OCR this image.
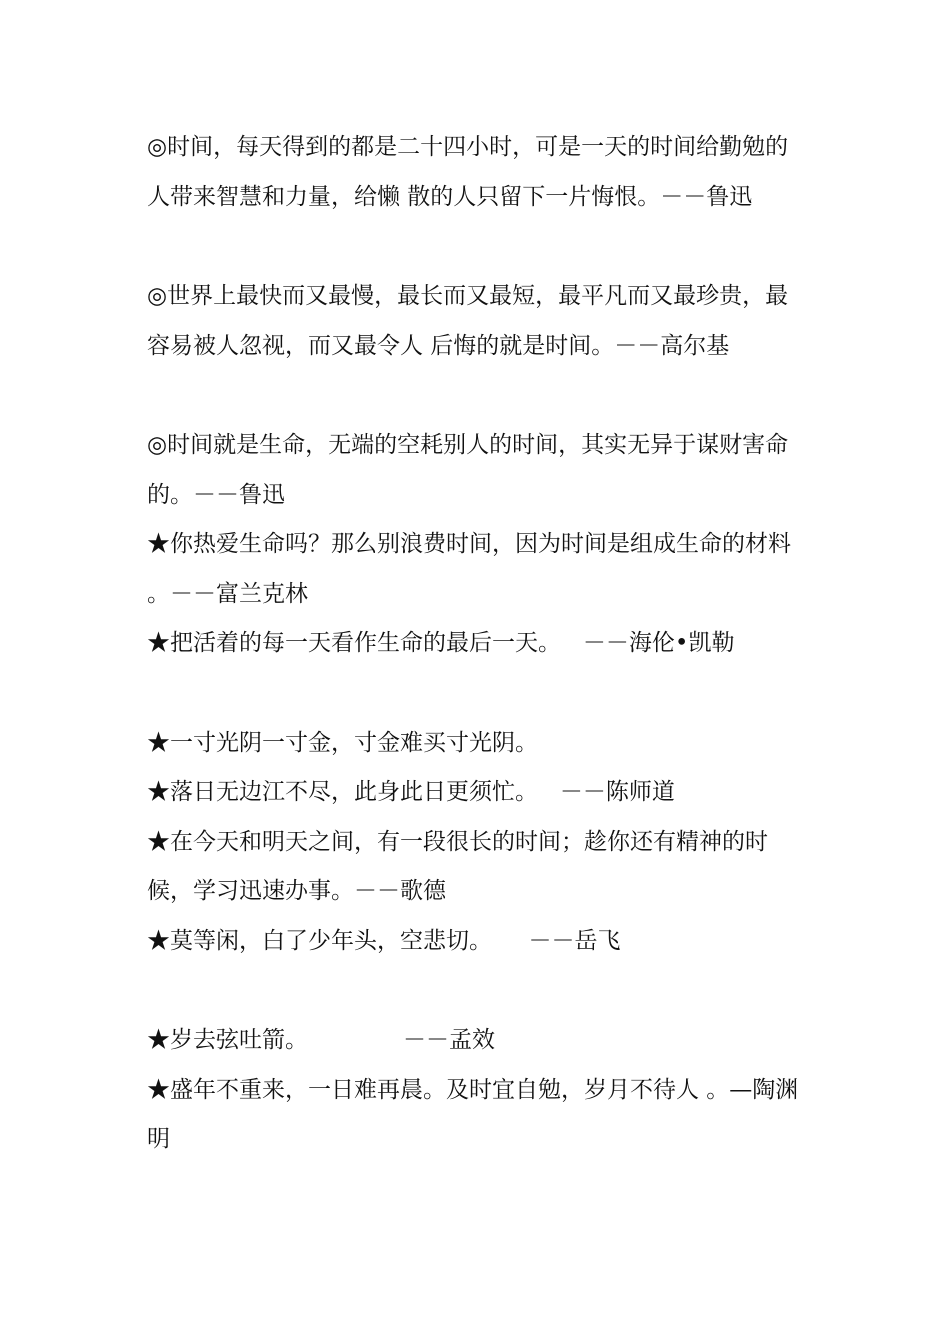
◎时间，每天得到的都是二十四小时，可是一天的时间给勤勉的人带来智慧和力量，给懒 散的人只留下一片悔恨。－－鲁迅

◎世界上最快而又最慢，最长而又最短，最平凡而又最珍贵，最容易被人忽视，而又最令人 后悔的就是时间。－－高尔基

◎时间就是生命，无端的空耗别人的时间，其实无异于谋财害命的。－－鲁迅

★你热爱生命吗？那么别浪费时间，因为时间是组成生命的材料 。－－富兰克林

★把活着的每一天看作生命的最后一天。   －－海伦•凯勒

★一寸光阴一寸金，寸金难买寸光阴。

★落日无边江不尽，此身此日更须忙。   －－陈师道

★在今天和明天之间，有一段很长的时间；趁你还有精神的时候，学习迅速办事。－－歌德

★莫等闲，白了少年头，空悲切。     －－岳飞

★岁去弦吐箭。             －－孟效

★盛年不重来，一日难再晨。及时宜自勉，岁月不待人 。—陶渊明
